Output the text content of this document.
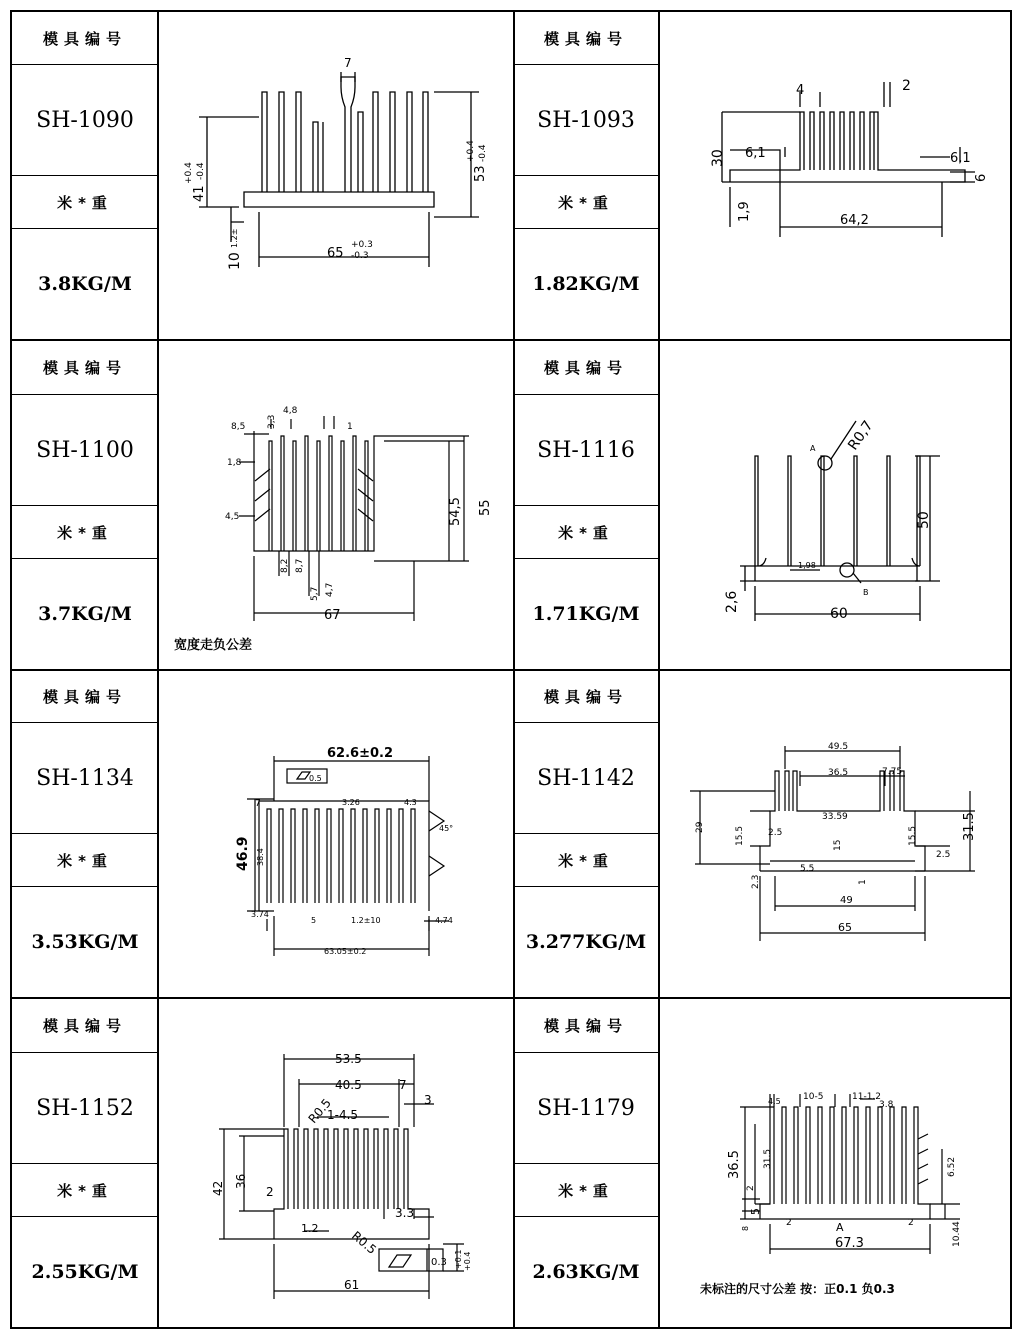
模具编号
SH-1090
米*重
3.8KG/M
模具编号
SH-1093
米*重
1.82KG/M
7
41
+0.4 -0.4	53
+0.4 -0.4
10
1.2±
65
+0.3
-0.3
4	2
30 6,1	6,1
6
1,9	64,2
模具编号
SH-1100
米*重
3.7KG/M
模具编号
SH-1116
米*重
1.71KG/M
8,5 3,3
4,8
1
1,8
4,5
8,2 8,7
5,7 4,7
54,5 55
67
宽度走负公差
A R0,7
50
1,98
B
2,6
60
模具编号
SH-1134
米*重
3.53KG/M
模具编号
SH-1142
米*重
3.277KG/M
62.6±0.2
0.5
46.9 38.4
7	3.26
3.74
5	1.2±10	4.74
63.05±0.2
45°
4.3
49.5
36.5	7.75
2.5
33.59
29	15.5	15	15.5	31.5
2.5
5.5
1
2.3
49
65
模具编号
SH-1152
米*重
2.55KG/M
模具编号
SH-1179
米*重
2.63KG/M
53.5
40.5	7
3
R0.5
1-4.5
42 36
2
3.3
1.2
R0.5
0.3 +0.1 +0.4
61
4.5 10-5	11-1.2
3.8
36.5 31.5	6.52
2
5
8
2	2
A	10.44
67.3
未标注的尺寸公差 按：正0.1 负0.3
